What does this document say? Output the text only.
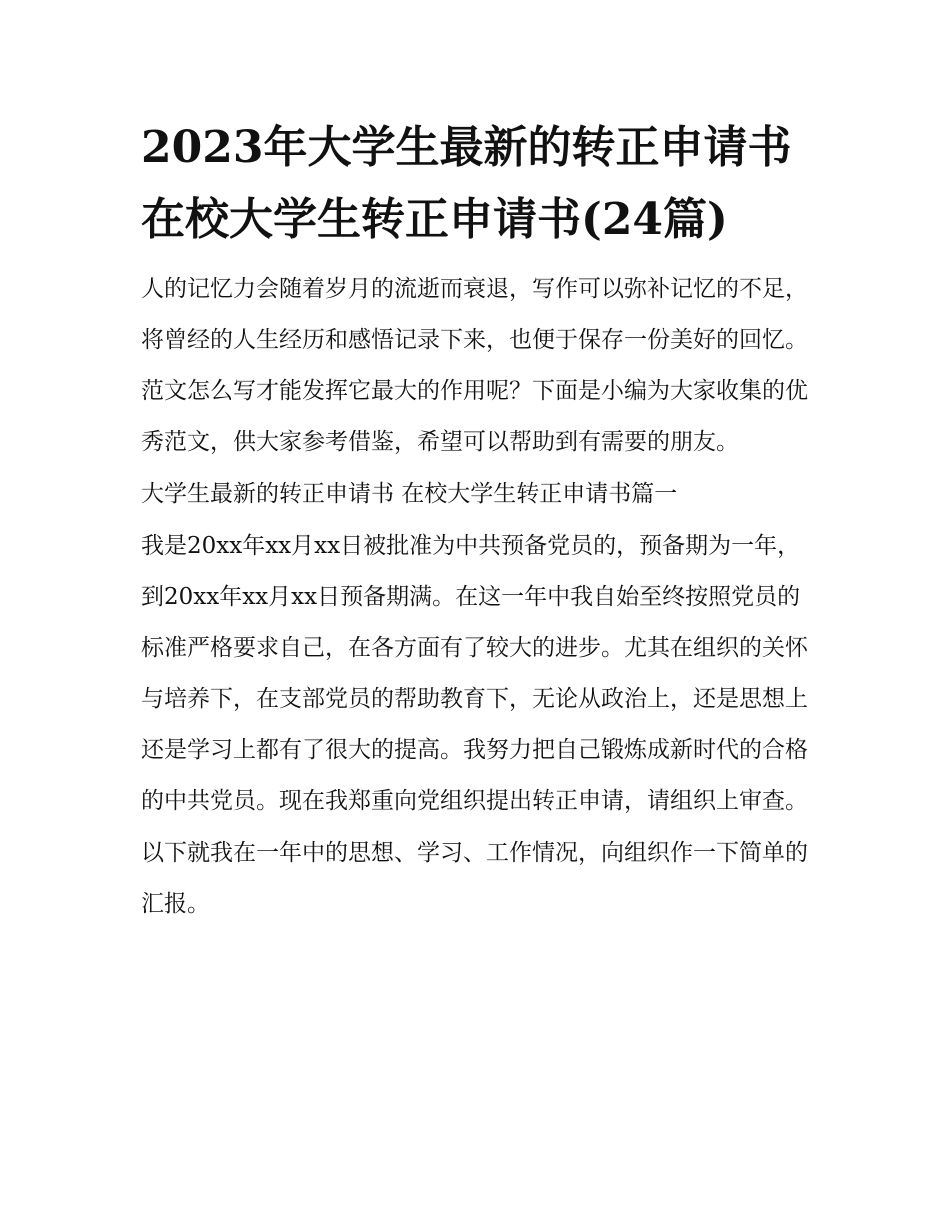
2023年大学生最新的转正申请书 在校大学生转正申请书(24篇)

人的记忆力会随着岁月的流逝而衰退，写作可以弥补记忆的不足，将曾经的人生经历和感悟记录下来，也便于保存一份美好的回忆。范文怎么写才能发挥它最大的作用呢？下面是小编为大家收集的优秀范文，供大家参考借鉴，希望可以帮助到有需要的朋友。

大学生最新的转正申请书 在校大学生转正申请书篇一

我是20xx年xx月xx日被批准为中共预备党员的，预备期为一年，到20xx年xx月xx日预备期满。在这一年中我自始至终按照党员的标准严格要求自己，在各方面有了较大的进步。尤其在组织的关怀与培养下，在支部党员的帮助教育下，无论从政治上，还是思想上还是学习上都有了很大的提高。我努力把自己锻炼成新时代的合格的中共党员。现在我郑重向党组织提出转正申请，请组织上审查。

以下就我在一年中的思想、学习、工作情况，向组织作一下简单的汇报。
